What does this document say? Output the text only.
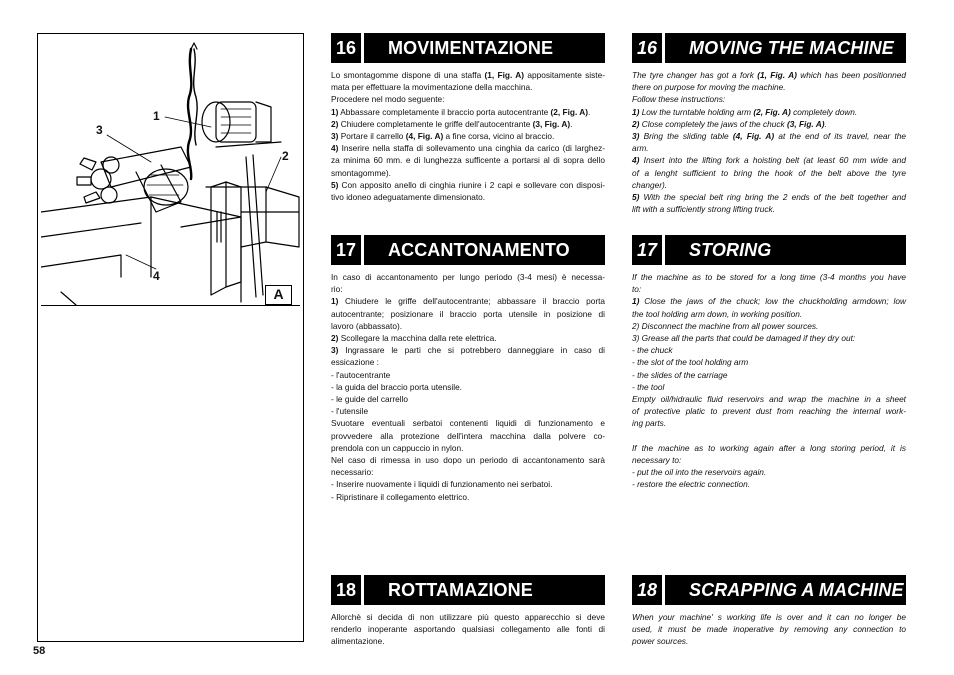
1
2
3
4
A
16	MOVIMENTAZIONE

Lo smontagomme dispone di una staffa (1, Fig. A) appositamente siste-

mata per effettuare la movimentazione della macchina.

Procedere nel modo seguente:

1) Abbassare completamente il braccio porta autocentrante (2, Fig. A).

2) Chiudere completamente le griffe dell'autocentrante (3, Fig. A).

3) Portare il carrello (4, Fig. A) a fine corsa, vicino al braccio.

4) Inserire nella staffa di sollevamento una cinghia da carico (di larghez-

za minima 60 mm. e di lunghezza sufficente a portarsi al di sopra dello

smontagomme).

5) Con apposito anello di cinghia riunire i 2 capi e sollevare con disposi-

tivo idoneo adeguatamente dimensionato.

16	MOVING THE MACHINE

The tyre changer has got a fork (1, Fig. A) which has been positionned

there on purpose for moving the machine.

Follow these instructions:

1) Low the turntable holding arm (2, Fig. A) completely down.

2) Close completely the jaws of the chuck (3, Fig. A).

3) Bring the sliding table (4, Fig. A) at the end of its travel, near the

arm.

4) Insert into the lifting fork a hoisting belt (at least 60 mm wide and

of a lenght sufficient to bring the hook of the belt above the tyre

changer).

5) With the special belt ring bring the 2 ends of the belt together and

lift with a sufficiently strong lifting truck.

17	ACCANTONAMENTO

In caso di accantonamento per lungo periodo (3-4 mesi) è necessa-

rio:

1) Chiudere le griffe dell'autocentrante; abbassare il braccio porta

autocentrante; posizionare il braccio porta utensile in posizione di

lavoro (abbassato).

2) Scollegare la macchina dalla rete elettrica.

3) Ingrassare le parti che si potrebbero danneggiare in caso di

essicazione :

- l'autocentrante

- la guida del braccio porta utensile.

- le guide del carrello

- l'utensile

Svuotare eventuali serbatoi contenenti liquidi di funzionamento e

provvedere alla protezione dell'intera macchina dalla polvere co-

prendola con un cappuccio in nylon.

Nel caso di rimessa in uso dopo un periodo di accantonamento sarà

necessario:

- Inserire nuovamente i liquidi di funzionamento nei serbatoi.

- Ripristinare il collegamento elettrico.

17	STORING

If the machine as to be stored for a long time (3-4 months you have

to:

1) Close the jaws of the chuck; low the chuckholding armdown; low

the tool holding arm down, in working position.

2) Disconnect the machine from all power sources.

3) Grease all the parts that could be damaged if they dry out:

- the chuck

- the slot of the tool holding arm

- the slides of the carriage

- the tool

Empty oil/hidraulic fluid reservoirs and wrap the machine in a sheet

of protective platic to prevent dust from reaching the internal work-

ing parts.

If the machine as to working again after a long storing period, it is

necessary to:

- put the oil into the reservoirs again.

- restore the electric connection.

18	ROTTAMAZIONE

Allorchè si decida di non utilizzare più questo apparecchio si deve

renderlo inoperante asportando qualsiasi collegamento alle fonti di

alimentazione.

18	SCRAPPING A MACHINE

When your machine' s working life is over and it can no longer be

used, it must be made inoperative by removing any connection to

power sources.

58
